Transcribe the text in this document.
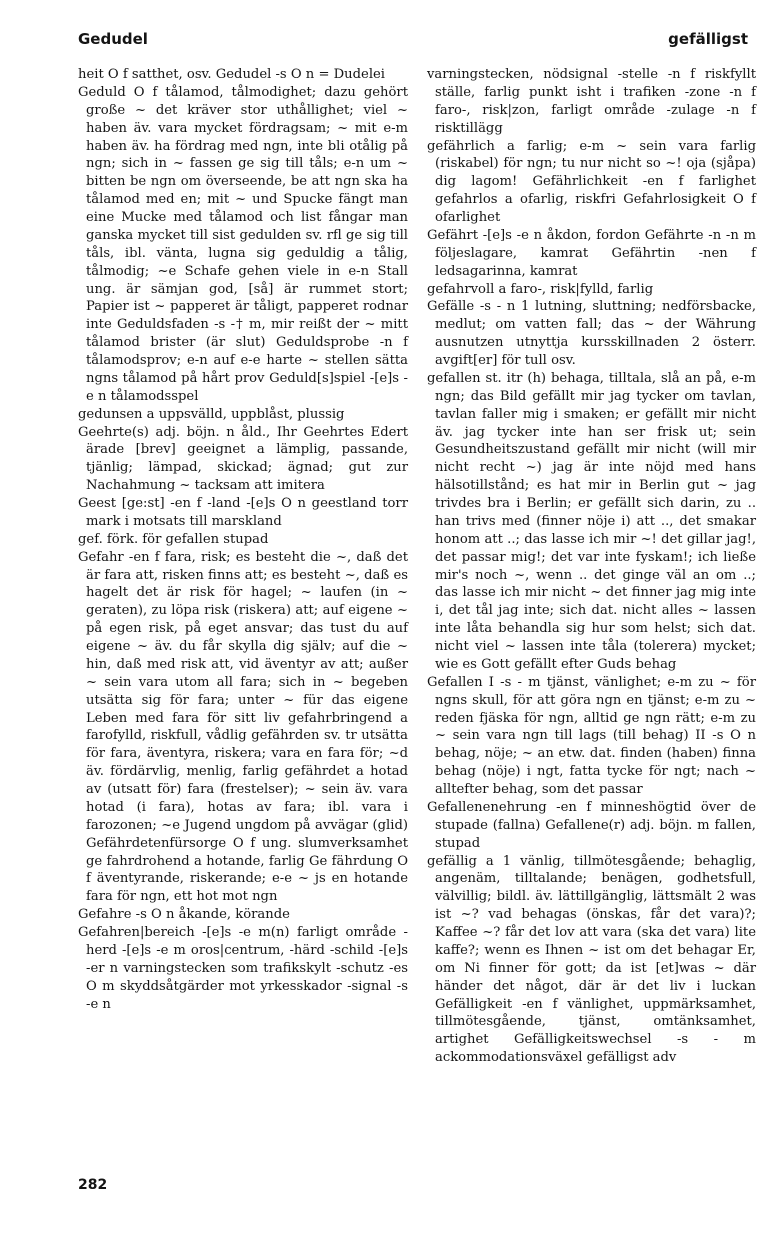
Gedudel	gefälligst

heit O f satthet, osv. Gedudel -s O n = Dudelei

Geduld O f tålamod, tålmodighet; dazu gehört große ~ det kräver stor uthållighet; viel ~ haben äv. vara mycket fördragsam; ~ mit e-m haben äv. ha fördrag med ngn, inte bli otålig på ngn; sich in ~ fassen ge sig till tåls; e-n um ~ bitten be ngn om överseende, be att ngn ska ha tålamod med en; mit ~ und Spucke fängt man eine Mucke med tålamod och list fångar man ganska mycket till sist gedulden sv. rfl ge sig till tåls, ibl. vänta, lugna sig geduldig a tålig, tålmodig; ~e Schafe gehen viele in e-n Stall ung. är sämjan god, [så] är rummet stort; Papier ist ~ papperet är tåligt, papperet rodnar inte Geduldsfaden -s -† m, mir reißt der ~ mitt tålamod brister (är slut) Geduldsprobe -n f tålamodsprov; e-n auf e-e harte ~ stellen sätta ngns tålamod på hårt prov Geduld[s]spiel -[e]s -e n tålamodsspel

gedunsen a uppsvälld, uppblåst, plussig

Geehrte(s) adj. böjn. n åld., Ihr Geehrtes Edert ärade [brev] geeignet a lämplig, passande, tjänlig; lämpad, skickad; ägnad; gut zur Nachahmung ~ tacksam att imitera

Geest [ge:st] -en f -land -[e]s O n geestland torr mark i motsats till marskland

gef. förk. för gefallen stupad

Gefahr -en f fara, risk; es besteht die ~, daß det är fara att, risken finns att; es besteht ~, daß es hagelt det är risk för hagel; ~ laufen (in ~ geraten), zu löpa risk (riskera) att; auf eigene ~ på egen risk, på eget ansvar; das tust du auf eigene ~ äv. du får skylla dig själv; auf die ~ hin, daß med risk att, vid äventyr av att; außer ~ sein vara utom all fara; sich in ~ begeben utsätta sig för fara; unter ~ für das eigene Leben med fara för sitt liv gefahrbringend a farofylld, riskfull, vådlig gefährden sv. tr utsätta för fara, äventyra, riskera; vara en fara för; ~d äv. fördärvlig, menlig, farlig gefährdet a hotad av (utsatt för) fara (frestelser); ~ sein äv. vara hotad (i fara), hotas av fara; ibl. vara i farozonen; ~e Jugend ungdom på avvägar (glid) Gefährdetenfürsorge O f ung. slumverksamhet ge fahrdrohend a hotande, farlig Ge fährdung O f äventyrande, riskerande; e-e ~ js en hotande fara för ngn, ett hot mot ngn

Gefahre -s O n åkande, körande

Gefahren|bereich -[e]s -e m(n) farligt område -herd -[e]s -e m oros|centrum, -härd -schild -[e]s -er n varningstecken som trafikskylt -schutz -es O m skyddsåtgärder mot yrkesskador -signal -s -e n

varningstecken, nödsignal -stelle -n f riskfyllt ställe, farlig punkt isht i trafiken -zone -n f faro-, risk|zon, farligt område -zulage -n f risktillägg

gefährlich a farlig; e-m ~ sein vara farlig (riskabel) för ngn; tu nur nicht so ~! oja (sjåpa) dig lagom! Gefährlichkeit -en f farlighet gefahrlos a ofarlig, riskfri Gefahrlosigkeit O f ofarlighet

Gefährt -[e]s -e n åkdon, fordon Gefährte -n -n m följeslagare, kamrat Gefährtin -nen f ledsagarinna, kamrat

gefahrvoll a faro-, risk|fylld, farlig

Gefälle -s - n 1 lutning, sluttning; nedförsbacke, medlut; om vatten fall; das ~ der Währung ausnutzen utnyttja kursskillnaden 2 österr. avgift[er] för tull osv.

gefallen st. itr (h) behaga, tilltala, slå an på, e-m ngn; das Bild gefällt mir jag tycker om tavlan, tavlan faller mig i smaken; er gefällt mir nicht äv. jag tycker inte han ser frisk ut; sein Gesundheitszustand gefällt mir nicht (will mir nicht recht ~) jag är inte nöjd med hans hälsotillstånd; es hat mir in Berlin gut ~ jag trivdes bra i Berlin; er gefällt sich darin, zu .. han trivs med (finner nöje i) att .., det smakar honom att ..; das lasse ich mir ~! det gillar jag!, det passar mig!; det var inte fyskam!; ich ließe mir's noch ~, wenn .. det ginge väl an om ..; das lasse ich mir nicht ~ det finner jag mig inte i, det tål jag inte; sich dat. nicht alles ~ lassen inte låta behandla sig hur som helst; sich dat. nicht viel ~ lassen inte tåla (tolerera) mycket; wie es Gott gefällt efter Guds behag

Gefallen I -s - m tjänst, vänlighet; e-m zu ~ för ngns skull, för att göra ngn en tjänst; e-m zu ~ reden fjäska för ngn, alltid ge ngn rätt; e-m zu ~ sein vara ngn till lags (till behag) II -s O n behag, nöje; ~ an etw. dat. finden (haben) finna behag (nöje) i ngt, fatta tycke för ngt; nach ~ alltefter behag, som det passar

Gefallenenehrung -en f minneshögtid över de stupade (fallna) Gefallene(r) adj. böjn. m fallen, stupad

gefällig a 1 vänlig, tillmötesgående; behaglig, angenäm, tilltalande; benägen, godhetsfull, välvillig; bildl. äv. lättillgänglig, lättsmält 2 was ist ~? vad behagas (önskas, får det vara)?; Kaffee ~? får det lov att vara (ska det vara) lite kaffe?; wenn es Ihnen ~ ist om det behagar Er, om Ni finner för gott; da ist [et]was ~ där händer det något, där är det liv i luckan Gefälligkeit -en f vänlighet, uppmärksamhet, tillmötesgående, tjänst, omtänksamhet, artighet Gefälligkeitswechsel -s - m ackommodationsväxel gefälligst adv

282
